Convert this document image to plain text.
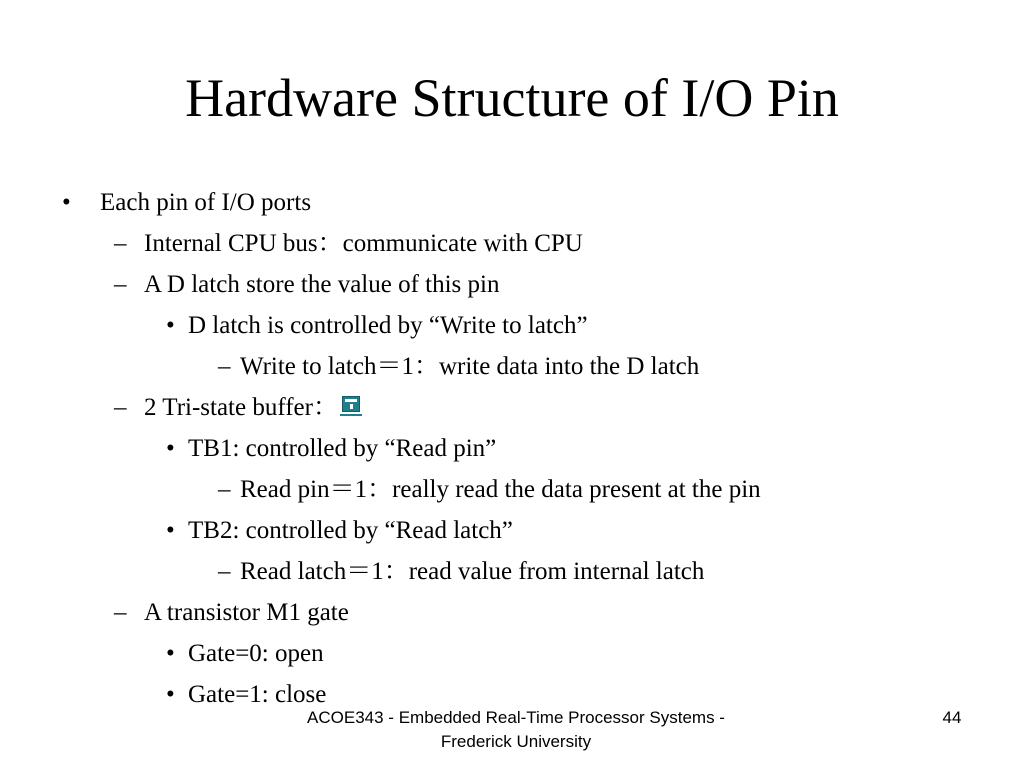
Hardware Structure of I/O Pin
• Each pin of I/O ports
– Internal CPU bus：communicate with CPU
– A D latch store the value of this pin
• D latch is controlled by “Write to latch”
– Write to latch＝1：write data into the D latch
– 2 Tri-state buffer：
• TB1: controlled by “Read pin”
– Read pin＝1：really read the data present at the pin
• TB2: controlled by “Read latch”
– Read latch＝1：read value from internal latch
– A transistor M1 gate
• Gate=0: open
• Gate=1: close
ACOE343 - Embedded Real-Time Processor Systems -
Frederick University
44
